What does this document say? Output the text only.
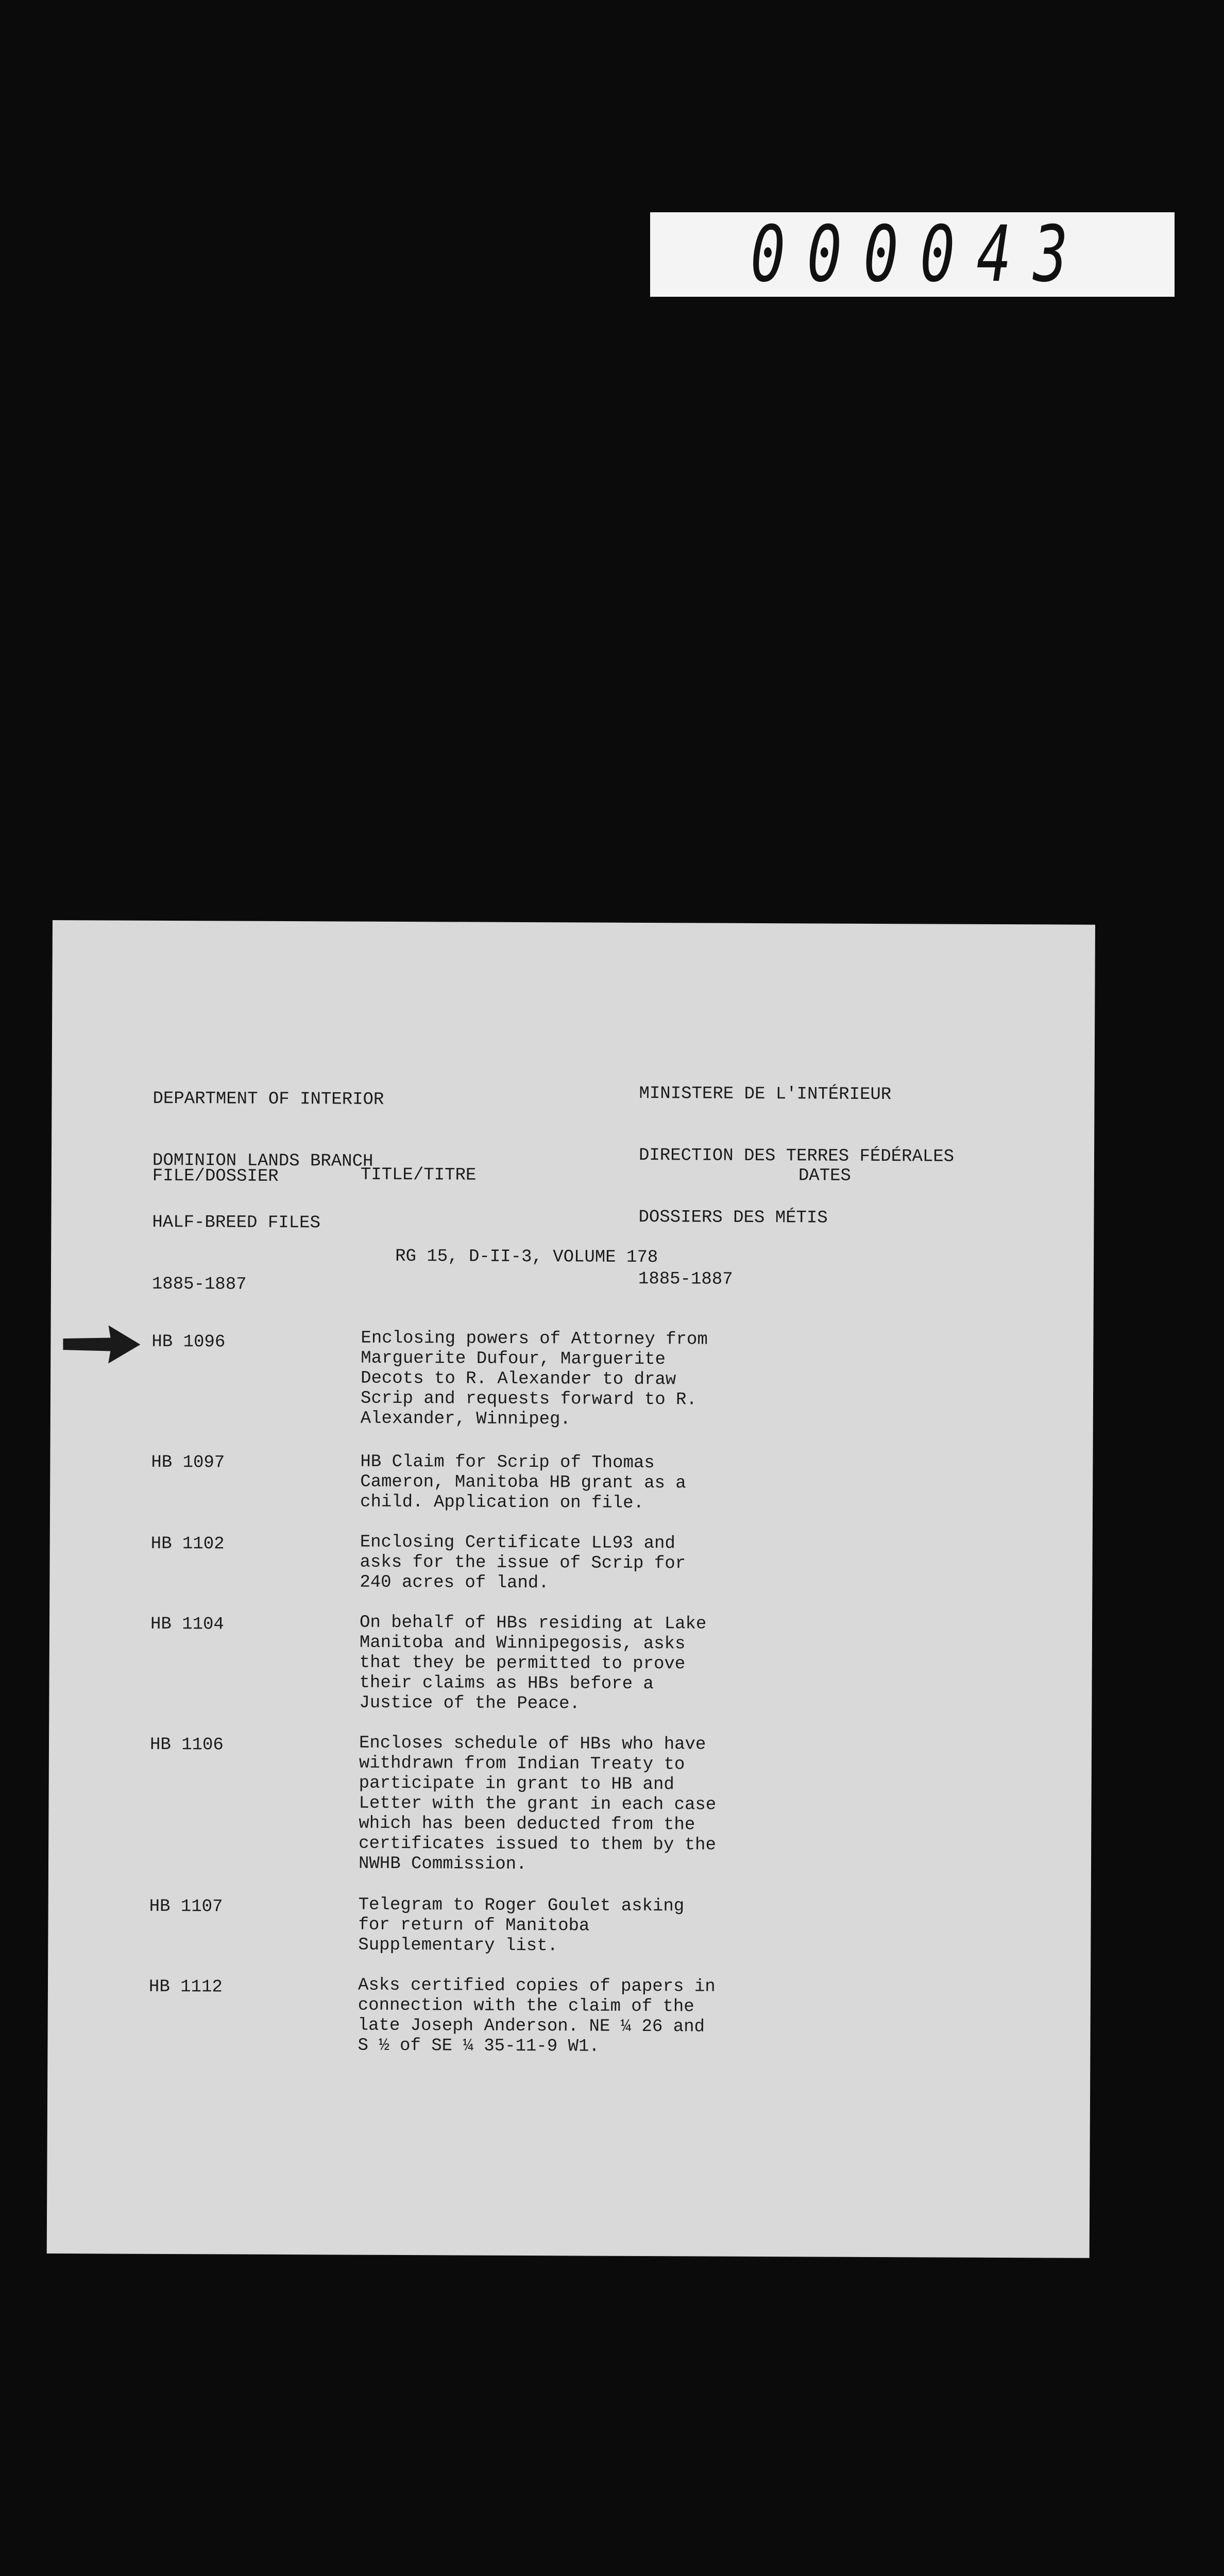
000043

DEPARTMENT OF INTERIOR

DOMINION LANDS BRANCH

HALF-BREED FILES

1885-1887

MINISTERE DE L'INTÉRIEUR

DIRECTION DES TERRES FÉDÉRALES

DOSSIERS DES MÉTIS

1885-1887

FILE/DOSSIER	TITLE/TITRE	DATES
RG 15, D-II-3, VOLUME 178
HB 1096	Enclosing powers of Attorney from
Marguerite Dufour, Marguerite
Decots to R. Alexander to draw
Scrip and requests forward to R.
Alexander, Winnipeg.
HB 1097	HB Claim for Scrip of Thomas
Cameron, Manitoba HB grant as a
child. Application on file.
HB 1102	Enclosing Certificate LL93 and
asks for the issue of Scrip for
240 acres of land.
HB 1104	On behalf of HBs residing at Lake
Manitoba and Winnipegosis, asks
that they be permitted to prove
their claims as HBs before a
Justice of the Peace.
HB 1106	Encloses schedule of HBs who have
withdrawn from Indian Treaty to
participate in grant to HB and
Letter with the grant in each case
which has been deducted from the
certificates issued to them by the
NWHB Commission.
HB 1107	Telegram to Roger Goulet asking
for return of Manitoba
Supplementary list.
HB 1112	Asks certified copies of papers in
connection with the claim of the
late Joseph Anderson. NE ¼ 26 and
S ½ of SE ¼ 35-11-9 W1.
